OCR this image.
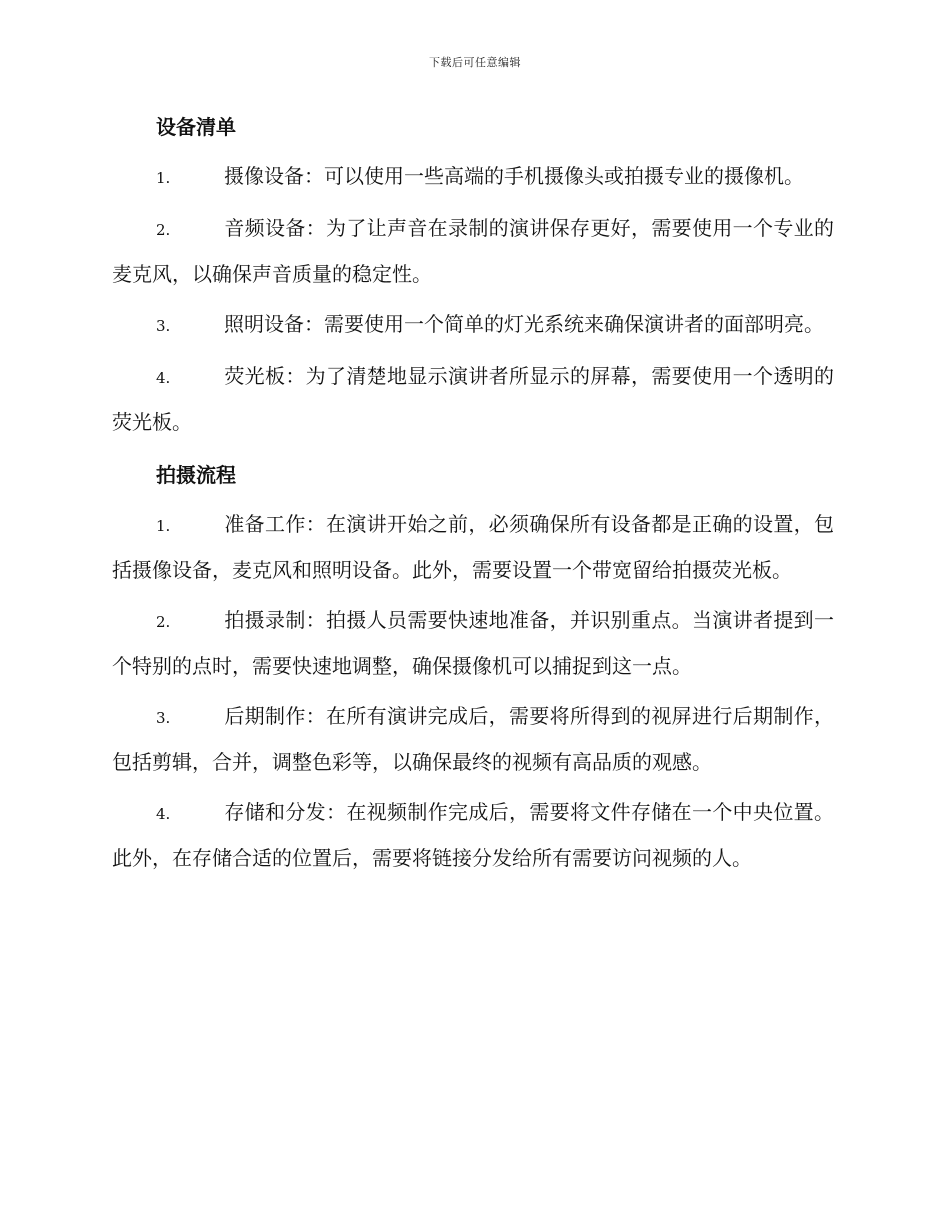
下载后可任意编辑
设备清单

1.	摄像设备：可以使用一些高端的手机摄像头或拍摄专业的摄像机。

2.	音频设备：为了让声音在录制的演讲保存更好，需要使用一个专业的麦克风，以确保声音质量的稳定性。

3.	照明设备：需要使用一个简单的灯光系统来确保演讲者的面部明亮。

4.	荧光板：为了清楚地显示演讲者所显示的屏幕，需要使用一个透明的荧光板。

拍摄流程

1.	准备工作：在演讲开始之前，必须确保所有设备都是正确的设置，包括摄像设备，麦克风和照明设备。此外，需要设置一个带宽留给拍摄荧光板。

2.	拍摄录制：拍摄人员需要快速地准备，并识别重点。当演讲者提到一个特别的点时，需要快速地调整，确保摄像机可以捕捉到这一点。

3.	后期制作：在所有演讲完成后，需要将所得到的视屏进行后期制作，包括剪辑，合并，调整色彩等，以确保最终的视频有高品质的观感。

4.	存储和分发：在视频制作完成后，需要将文件存储在一个中央位置。此外，在存储合适的位置后，需要将链接分发给所有需要访问视频的人。
